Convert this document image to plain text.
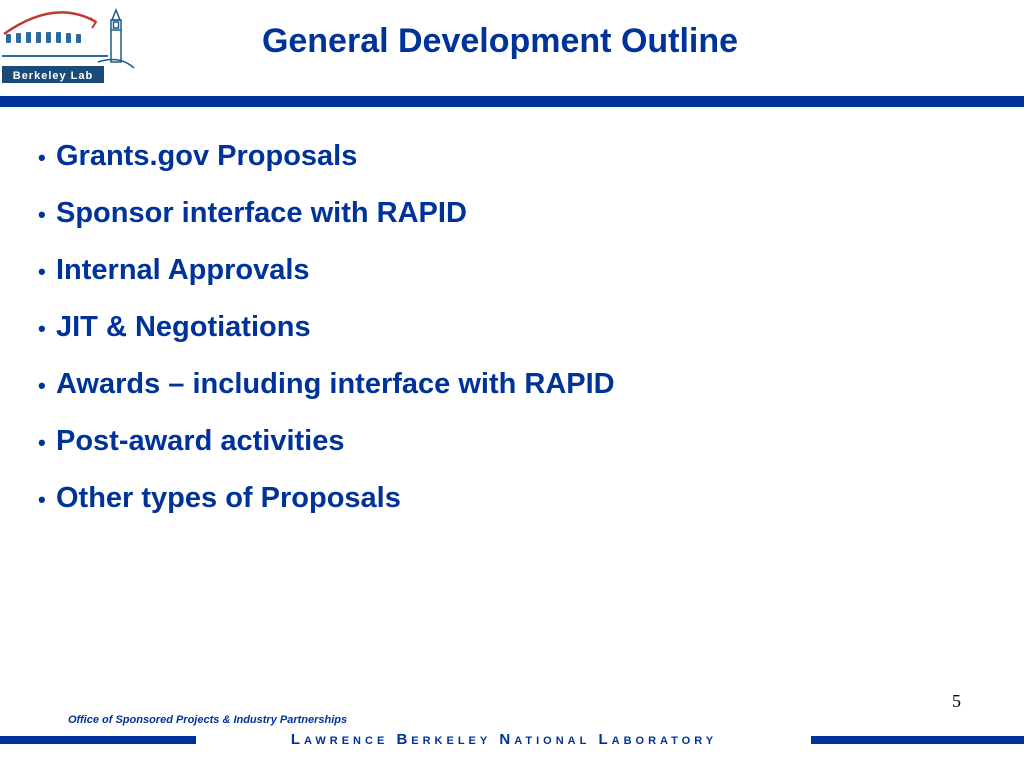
Berkeley Lab
General Development Outline
• Grants.gov Proposals
• Sponsor interface with RAPID
• Internal Approvals
• JIT & Negotiations
• Awards – including interface with RAPID
• Post-award activities
• Other types of Proposals
5
Office of Sponsored Projects & Industry Partnerships
Lawrence Berkeley National Laboratory
